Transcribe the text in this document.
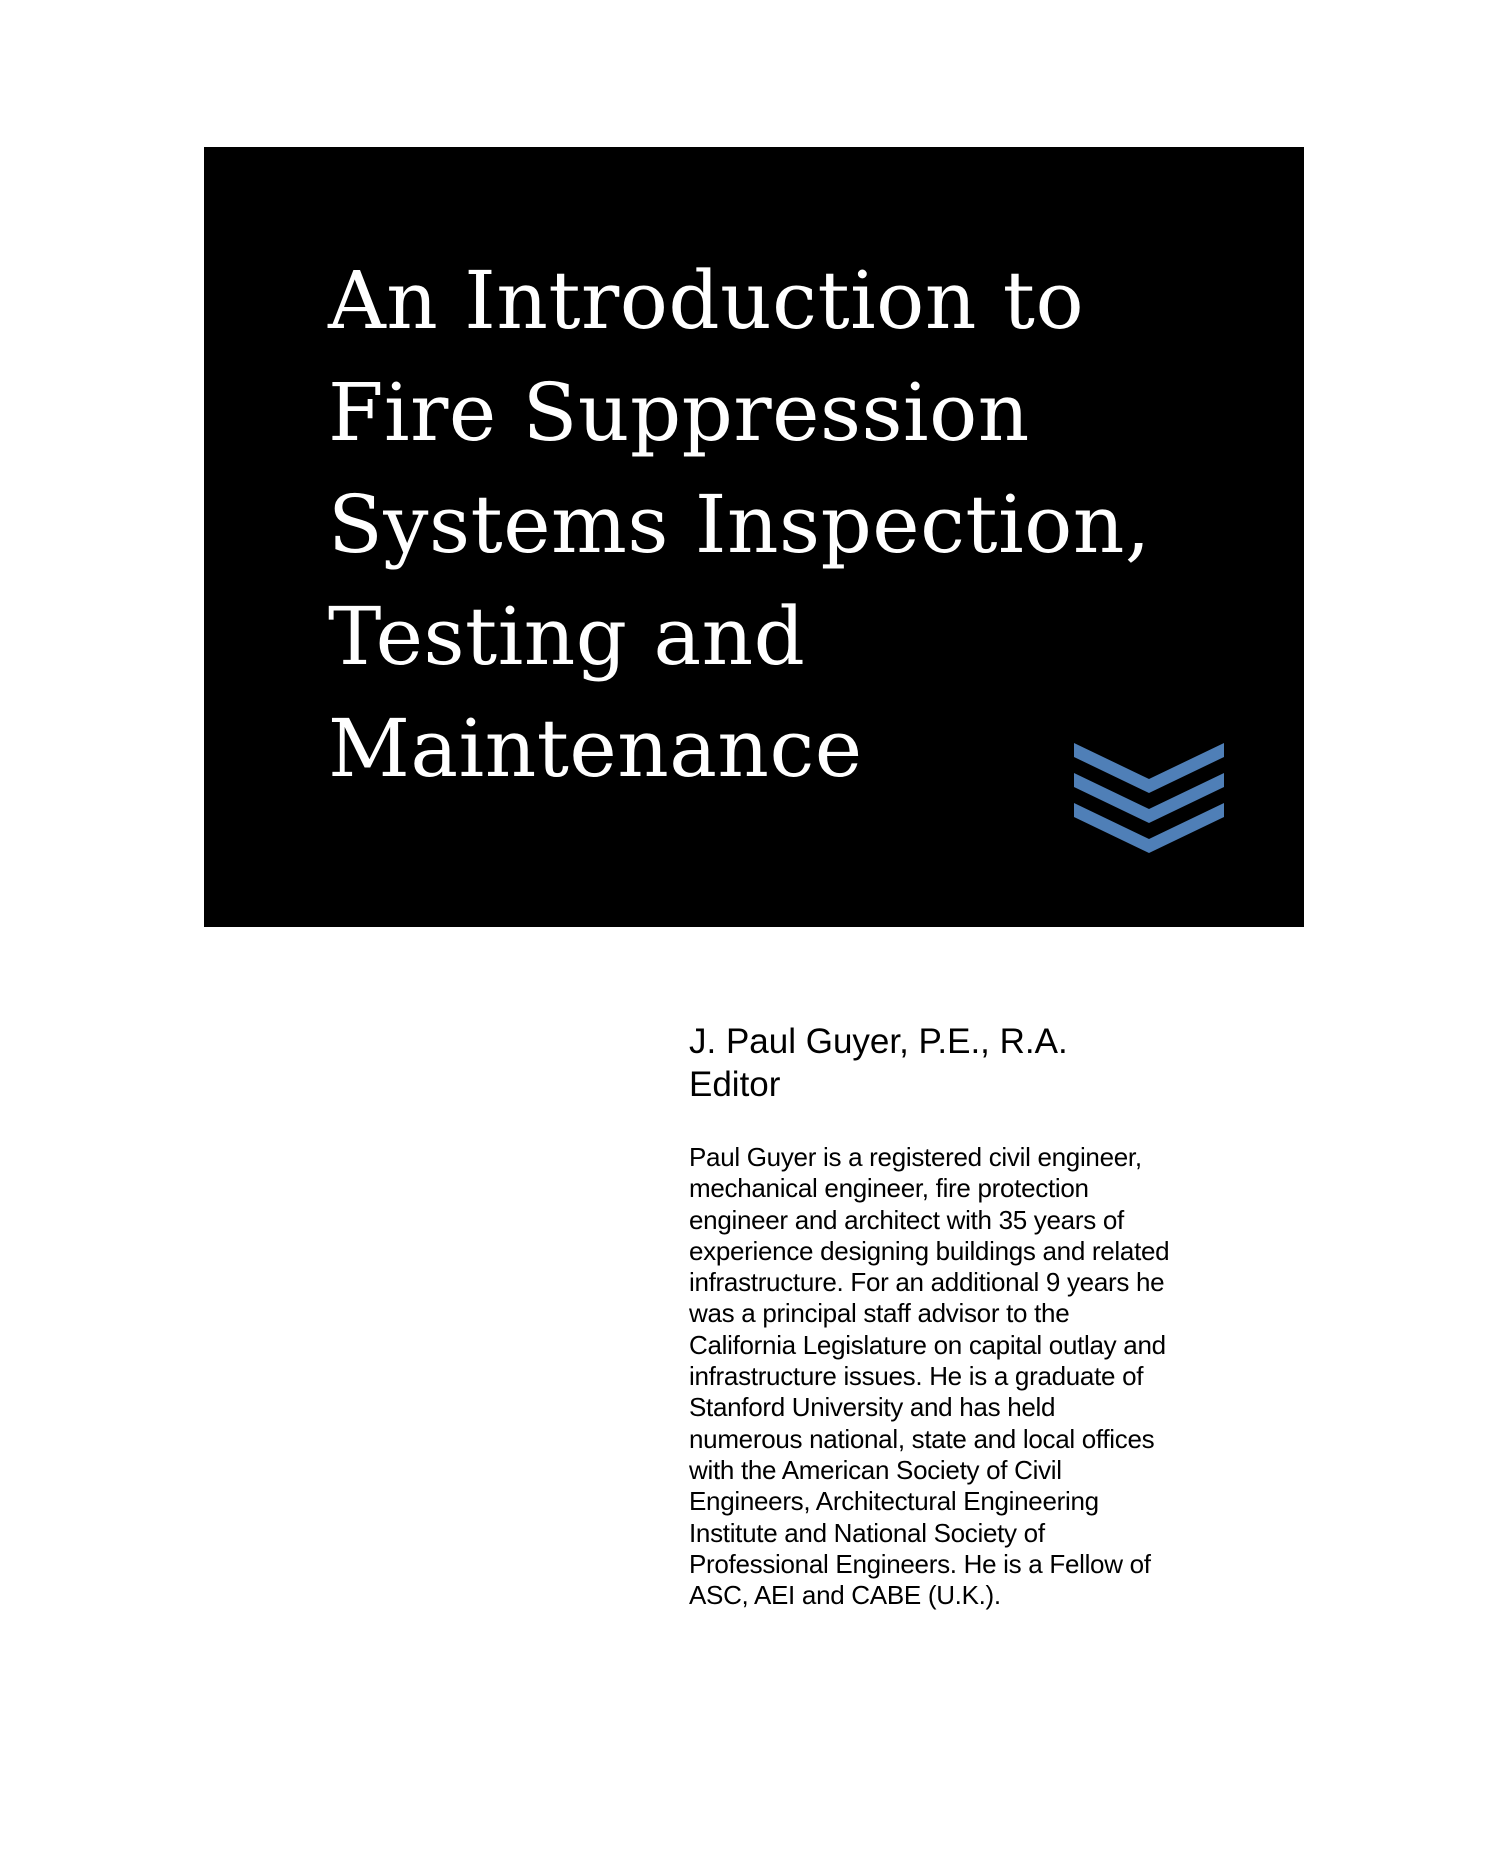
An Introduction to
Fire Suppression
Systems Inspection,
Testing and
Maintenance
J. Paul Guyer, P.E., R.A.
Editor
Paul Guyer is a registered civil engineer,
mechanical engineer, fire protection
engineer and architect with 35 years of
experience designing buildings and related
infrastructure. For an additional 9 years he
was a principal staff advisor to the
California Legislature on capital outlay and
infrastructure issues. He is a graduate of
Stanford University and has held
numerous national, state and local offices
with the American Society of Civil
Engineers, Architectural Engineering
Institute and National Society of
Professional Engineers. He is a Fellow of
ASC, AEI and CABE (U.K.).
